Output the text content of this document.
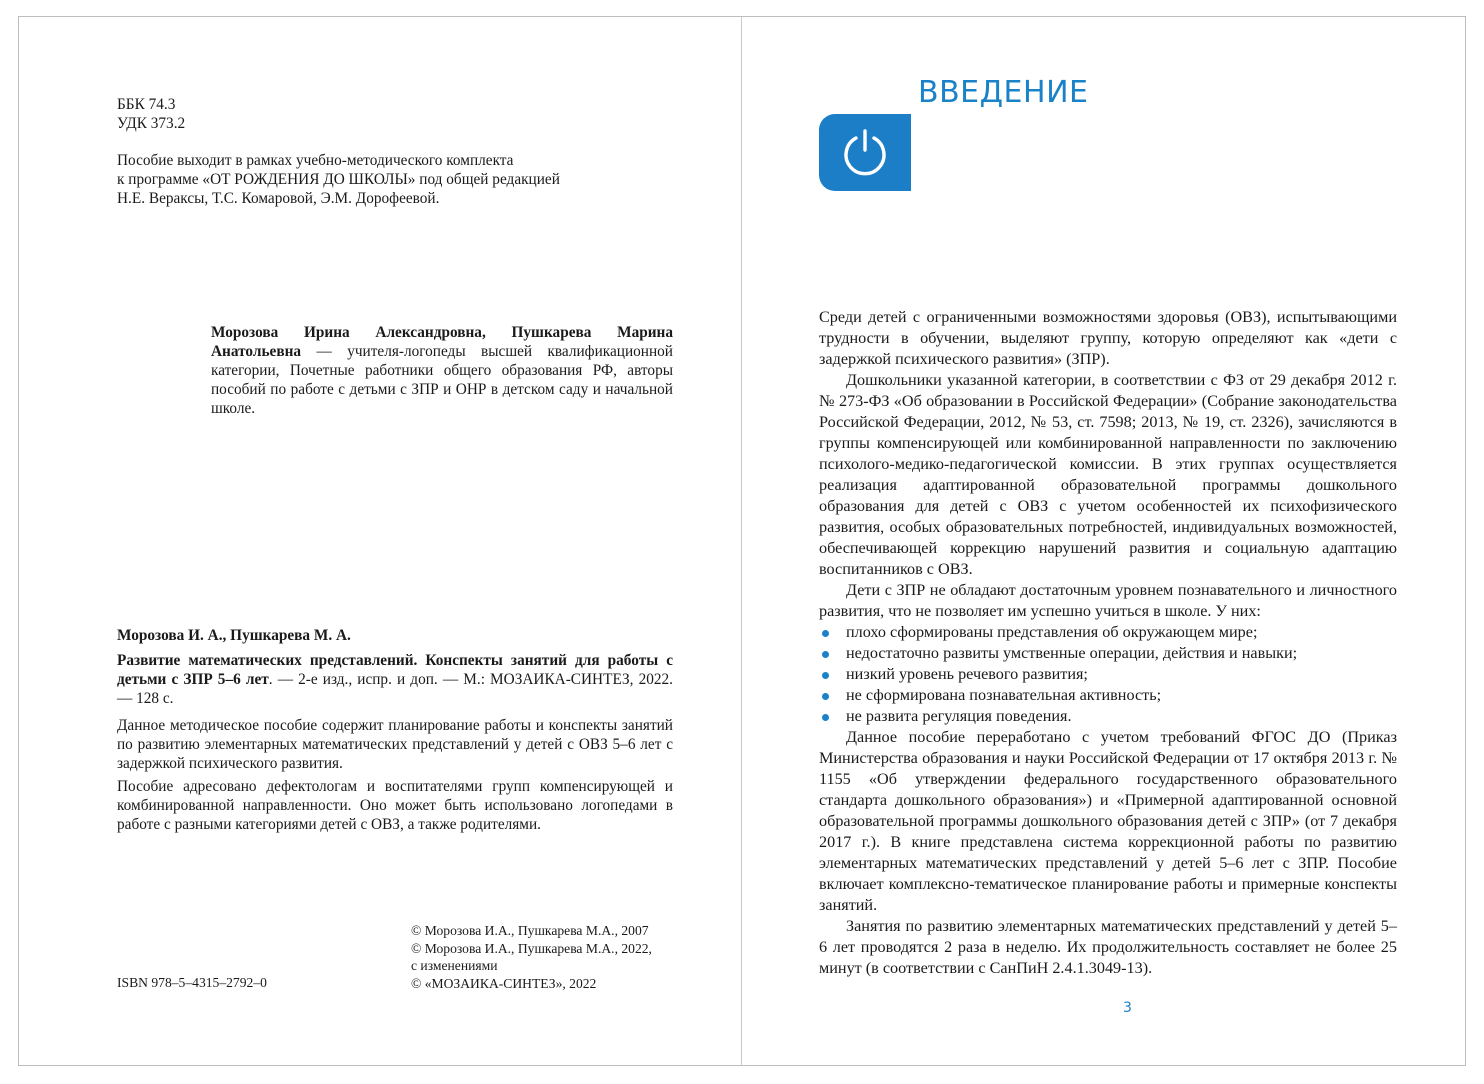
ББК 74.3
УДК 373.2
Пособие выходит в рамках учебно-методического комплекта
к программе «ОТ РОЖДЕНИЯ ДО ШКОЛЫ» под общей редакцией
Н.Е. Вераксы, Т.С. Комаровой, Э.М. Дорофеевой.

Морозова Ирина Александровна, Пушкарева Марина Анатольевна — учителя-логопеды высшей квалификационной категории, Почетные работники общего образования РФ, авторы пособий по работе с детьми с ЗПР и ОНР в детском саду и начальной школе.

Морозова И. А., Пушкарева М. А.

Развитие математических представлений. Конспекты занятий для работы с детьми с ЗПР 5–6 лет. — 2-е изд., испр. и доп. — М.: МОЗАИКА-СИНТЕЗ, 2022. — 128 с.

Данное методическое пособие содержит планирование работы и конспекты занятий по развитию элементарных математических представлений у детей с ОВЗ 5–6 лет с задержкой психического развития.

Пособие адресовано дефектологам и воспитателями групп компенсирующей и комбинированной направленности. Оно может быть использовано логопедами в работе с разными категориями детей с ОВЗ, а также родителями.

ISBN 978–5–4315–2792–0
© Морозова И.А., Пушкарева М.А., 2007
© Морозова И.А., Пушкарева М.А., 2022,
с изменениями
© «МОЗАИКА-СИНТЕЗ», 2022
ВВЕДЕНИЕ

Среди детей с ограниченными возможностями здоровья (ОВЗ), испытывающими трудности в обучении, выделяют группу, которую определяют как «дети с задержкой психического развития» (ЗПР).

Дошкольники указанной категории, в соответствии с ФЗ от 29 декабря 2012 г. № 273-ФЗ «Об образовании в Российской Федерации» (Собрание законодательства Российской Федерации, 2012, № 53, ст. 7598; 2013, № 19, ст. 2326), зачисляются в группы компенсирующей или комбинированной направленности по заключению психолого-медико-педагогической комиссии. В этих группах осуществляется реализация адаптированной образовательной программы дошкольного образования для детей с ОВЗ с учетом особенностей их психофизического развития, особых образовательных потребностей, индивидуальных возможностей, обеспечивающей коррекцию нарушений развития и социальную адаптацию воспитанников с ОВЗ.

Дети с ЗПР не обладают достаточным уровнем познавательного и личностного развития, что не позволяет им успешно учиться в школе. У них:

плохо сформированы представления об окружающем мире;
недостаточно развиты умственные операции, действия и навыки;
низкий уровень речевого развития;
не сформирована познавательная активность;
не развита регуляция поведения.

Данное пособие переработано с учетом требований ФГОС ДО (Приказ Министерства образования и науки Российской Федерации от 17 октября 2013 г. № 1155 «Об утверждении федерального государственного образовательного стандарта дошкольного образования») и «Примерной адаптированной основной образовательной программы дошкольного образования детей с ЗПР» (от 7 декабря 2017 г.). В книге представлена система коррекционной работы по развитию элементарных математических представлений у детей 5–6 лет с ЗПР. Пособие включает комплексно-тематическое планирование работы и примерные конспекты занятий.

Занятия по развитию элементарных математических представлений у детей 5–6 лет проводятся 2 раза в неделю. Их продолжительность составляет не более 25 минут (в соответствии с СанПиН 2.4.1.3049-13).

3
